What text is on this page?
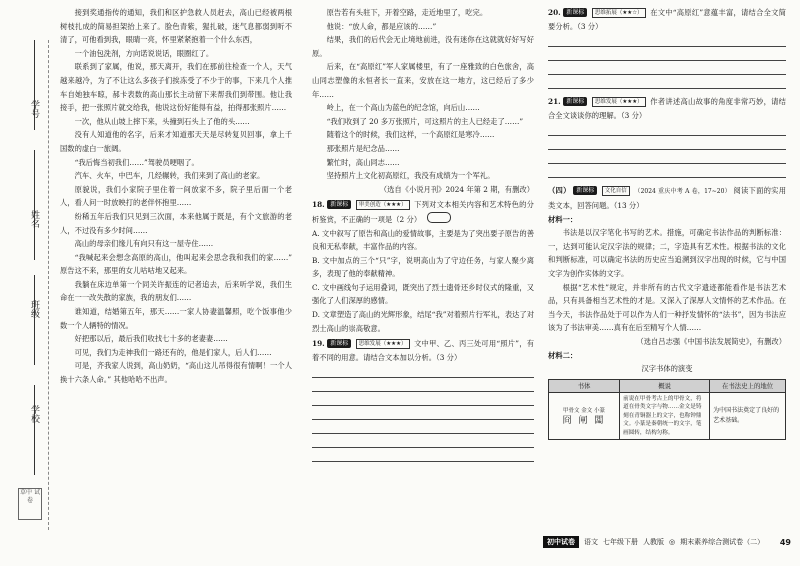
学号
姓名
班级
学校
草中 试卷

接到奖通指传的通知，我们和区护急救人员赶去，高山已经被两根树枝扎成的简易担架抬上来了。脸色青紫，猩扎破，迷气息都弱到听不清了，可他看到我，眼睛一亮，怀里紧紧抱着一个什么东西，

一个油包洗剂，方向诺说说话，眼圈红了。

联系到了家属，他说，那天离开，我们在那前往检查一个人，天气越来越冷，为了不让这么多孩子们挨冻受了不少于的事，下来几个人推车自她独车晾，郝卡表数的高山那长主动留下来帮我们到带围。他让我接手，把一张照片就交给我，他说这份好能得有益，拍得那张照片……

一次，他从山坡上摔下来，头撞到石头上了他的头……

没有人知道他的名字，后来才知道那天天是尽转复贝回事，拿上千国数的虚白一旅阔。

“我后悔当初我们……”驾驶员哽咽了。

汽车、火车，中巴车，几经辗转，我们来到了高山的老家。

原貌说，我们小家院子里住着一间放家不多，院子里后面一个老人，看人问一时放映打的老伴怀抱里……

纷稀五年后我们只见到三次面，本来他属于既是，有个文旅游的老人，不过没有多少时间……

高山的母亲们缘儿有向只有这一屋寺住……

“我喊起来会想念高原的高山，他叫起来会思念我和我们的家……” 原告这不来，那里的女儿咕咕地又起来。

我躺在床边单第一个同关许振连的记者追去，后来听学说，我们生命在一一改失散的家族，我的朋友们……

谁知道，结婚第五年，那天……一家人协妻温馨照，吃个饭事他少数一个人辆特的情况。

好把那以后，最后我们收找七十多的老妻妻……

可见，我们为走神我们一路还有的，他是们家人，后人们……

可是，齐我家人说到，高山奶奶，“高山这儿吊得很有情啊！一个人换十六条人命。” 其他哈哈不出声。

原告若有头驻下，开着空路，走近地里了，吃完。

他说：“放人命，都是应该的……”

结果，我们的后代会无止境地前进，没有迷你在这就就好好写好原。

后来，在“高原红”军人家属楼里，有了一座雅致的白色旅舍，高山同志塑像的永恒者长一直来，安放在这一地方，这已经后了多少年……

岭上，在一个高山为蓝色的纪念馆，向后山……

“我们收到了 20 多万张照片，可这照片的主人已经走了……”

随着这个的时候，我们这样，一个高原红是寒冷……

那张照片是纪念品……

繁忙时，高山同志……

坚持照片上文化初高原红，我没有成绩为一个军礼。

（选自《小说月刊》2024 年第 2 期，有删改）

18. 新课标 审美创造（★★★） 下列对文本相关内容和艺术特色的分析鉴赏，不正确的一项是（2 分）

A. 文中叙写了原告和高山的爱情故事，主要是为了突出要子原告的善良和无私奉献，丰富作品的内容。

B. 文中加点的三个“只”字，说明高山为了守边任务，与家人聚少离多，表现了他的奉献精神。

C. 文中画线句子运用叠词，既突出了烈士遗骨还乡时仪式的隆重，又强化了人们深厚的感情。

D. 文章塑造了高山的光辉形象，结尾“我”对着照片行军礼，表达了对烈士高山的崇高敬意。

19. 新课标 思维发展（★★★） 文中甲、乙、丙三处可用“照片”，有着不同的用意。请结合文本加以分析。（3 分）

20. 新课标 思维拓展（★★☆） 在文中“高原红”意蕴丰富，请结合全文简要分析。（3 分）

21. 新课标 思维发展（★★★） 作者讲述高山故事的角度非常巧妙，请结合全文谈谈你的理解。（3 分）

（四） 新课标 文化自信 （2024 重庆中考 A 卷，17~20） 阅读下面的实用类文本，回答问题。（13 分）

材料一：

书法是以汉字笔化书写的艺术。措施，可确定书法作品的判断标准：一，达到可能认定汉字法的规律；二，字造具有艺术性。根据书法的文化和判断标准，可以确定书法的历史应当追溯到汉字出现的时候，它与中国文字为创作实体的文字。

根据“艺术性”规定，并非所有的古代文字遗迹都能看作是书法艺术品，只有具备相当艺术性的才是。又深入了深厚人文情怀的艺术作品。在当今天，书法作品处于可以作为人们一种抒发情怀的“法书”，因为书法应该为了书法审美……真有在后至精写个人情……

（选自吕志强《中国书法发展简史》，有删改）

材料二：

汉字书体的演变

书体	概说	在书法史上的地位

甲骨文 金文 小篆
冏 闸 闆	前说在甲骨考古上的甲骨文，将道在骨类文字与物……金文是铸刻在青铜器上的文字，也称钟鼎文。小篆是秦朝统一的文字，笔画圆转，结构匀称。	为中国书法奠定了良好的艺术基础。
初中试卷	语文 七年级下册 人教版 ◎ 期末素养综合测试卷（二） 49
